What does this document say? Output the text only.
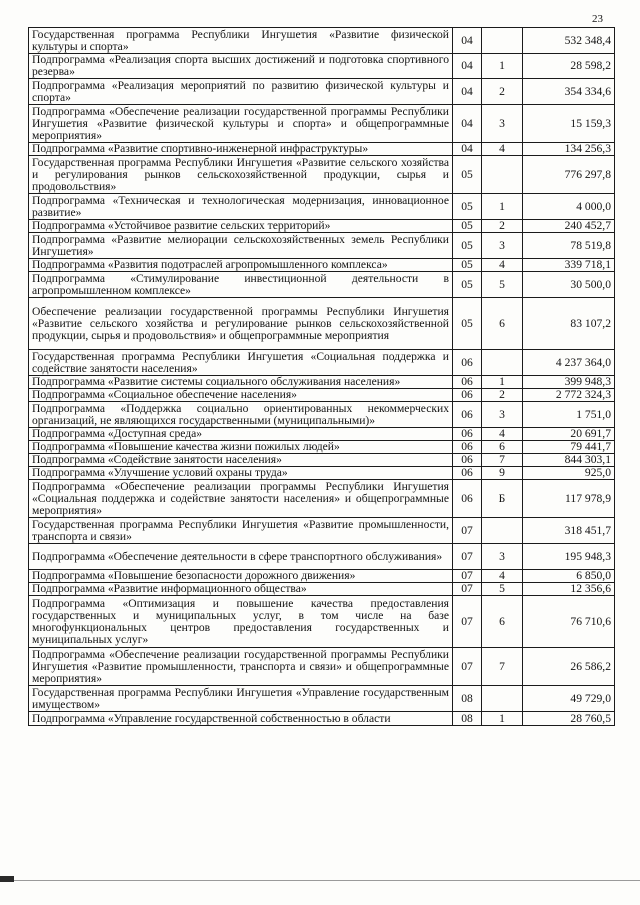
23
Государственная программа Республики Ингушетия «Развитие физической культуры и спорта»	04		532 348,4
Подпрограмма «Реализация спорта высших достижений и подготовка спортивного резерва»	04	1	28 598,2
Подпрограмма «Реализация мероприятий по развитию физической культуры и спорта»	04	2	354 334,6
Подпрограмма «Обеспечение реализации государственной программы Республики Ингушетия «Развитие физической культуры и спорта» и общепрограммные мероприятия»	04	3	15 159,3
Подпрограмма «Развитие спортивно-инженерной инфраструктуры»	04	4	134 256,3
Государственная программа Республики Ингушетия «Развитие сельского хозяйства и регулирования рынков сельскохозяйственной продукции, сырья и продовольствия»	05		776 297,8
Подпрограмма «Техническая и технологическая модернизация, инновационное развитие»	05	1	4 000,0
Подпрограмма «Устойчивое развитие сельских территорий»	05	2	240 452,7
Подпрограмма «Развитие мелиорации сельскохозяйственных земель Республики Ингушетия»	05	3	78 519,8
Подпрограмма «Развития подотраслей агропромышленного комплекса»	05	4	339 718,1
Подпрограмма «Стимулирование инвестиционной деятельности в агропромышленном комплексе»	05	5	30 500,0
Обеспечение реализации государственной программы Республики Ингушетия «Развитие сельского хозяйства и регулирование рынков сельскохозяйственной продукции, сырья и продовольствия» и общепрограммные мероприятия	05	6	83 107,2
Государственная программа Республики Ингушетия «Социальная поддержка и содействие занятости населения»	06		4 237 364,0
Подпрограмма «Развитие системы социального обслуживания населения»	06	1	399 948,3
Подпрограмма «Социальное обеспечение населения»	06	2	2 772 324,3
Подпрограмма «Поддержка социально ориентированных некоммерческих организаций, не являющихся государственными (муниципальными)»	06	3	1 751,0
Подпрограмма «Доступная среда»	06	4	20 691,7
Подпрограмма «Повышение качества жизни пожилых людей»	06	6	79 441,7
Подпрограмма «Содействие занятости населения»	06	7	844 303,1
Подпрограмма «Улучшение условий охраны труда»	06	9	925,0
Подпрограмма «Обеспечение реализации программы Республики Ингушетия «Социальная поддержка и содействие занятости населения» и общепрограммные мероприятия»	06	Б	117 978,9
Государственная программа Республики Ингушетия «Развитие промышленности, транспорта и связи»	07		318 451,7
Подпрограмма «Обеспечение деятельности в сфере транспортного обслуживания»	07	3	195 948,3
Подпрограмма «Повышение безопасности дорожного движения»	07	4	6 850,0
Подпрограмма «Развитие информационного общества»	07	5	12 356,6
Подпрограмма «Оптимизация и повышение качества предоставления государственных и муниципальных услуг, в том числе на базе многофункциональных центров предоставления государственных и муниципальных услуг»	07	6	76 710,6
Подпрограмма «Обеспечение реализации государственной программы Республики Ингушетия «Развитие промышленности, транспорта и связи» и общепрограммные мероприятия»	07	7	26 586,2
Государственная программа Республики Ингушетия «Управление государственным имуществом»	08		49 729,0
Подпрограмма «Управление государственной собственностью в области	08	1	28 760,5
